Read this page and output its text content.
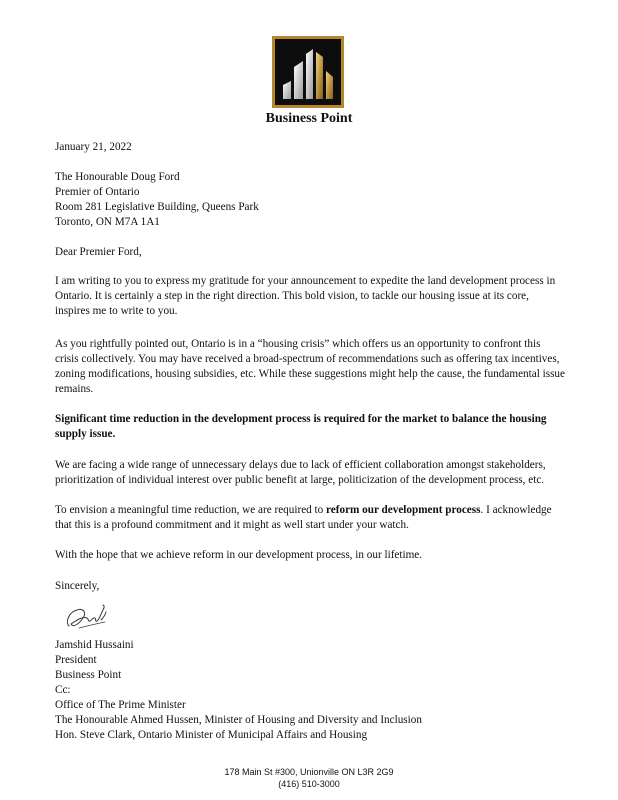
Business Point
January 21, 2022

The Honourable Doug Ford

Premier of Ontario

Room 281 Legislative Building, Queens Park

Toronto, ON M7A 1A1

Dear Premier Ford,
I am writing to you to express my gratitude for your announcement to expedite the land development process in Ontario. It is certainly a step in the right direction. This bold vision, to tackle our housing issue at its core, inspires me to write to you.
As you rightfully pointed out, Ontario is in a “housing crisis” which offers us an opportunity to confront this crisis collectively. You may have received a broad-spectrum of recommendations such as offering tax incentives, zoning modifications, housing subsidies, etc. While these suggestions might help the cause, the fundamental issue remains.
Significant time reduction in the development process is required for the market to balance the housing supply issue.
We are facing a wide range of unnecessary delays due to lack of efficient collaboration amongst stakeholders, prioritization of individual interest over public benefit at large, politicization of the development process, etc.
To envision a meaningful time reduction, we are required to reform our development process. I acknowledge that this is a profound commitment and it might as well start under your watch.
With the hope that we achieve reform in our development process, in our lifetime.
Sincerely,

Jamshid Hussaini

President

Business Point

Cc:

Office of The Prime Minister

The Honourable Ahmed Hussen, Minister of Housing and Diversity and Inclusion

Hon. Steve Clark, Ontario Minister of Municipal Affairs and Housing

178 Main St #300, Unionville ON L3R 2G9
(416) 510-3000
